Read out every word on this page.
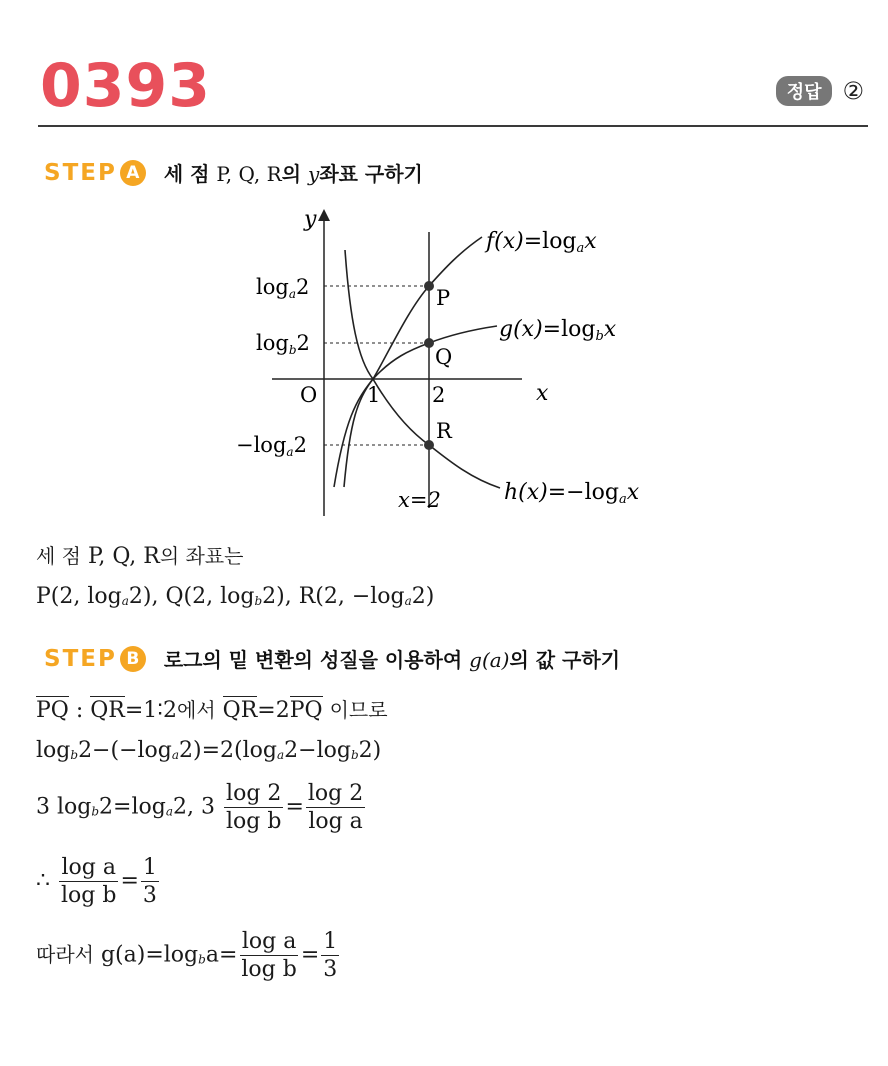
0393	정답 ②
STEP A	세 점 P, Q, R의 y좌표 구하기
y
x
O 1 2
f(x)=logax
g(x)=logbx
h(x)=−logax
loga2
logb2
−loga2
P
Q
R
x=2
세 점 P, Q, R의 좌표는
P(2, $\log_a2$), Q(2, $\log_b2$), R(2, $-\log_a2$)
STEP B	로그의 밑 변환의 성질을 이용하여 g(a)의 값 구하기
PQ : QR=1∶2에서 QR=2PQ 이므로
$\log_b2-(-\log_a2)=2(\log_a2-\log_b2)$
3 $\log_b2=\log_a2$, $3 \frac{\log 2}{\text{log b}} = \frac{\log 2}{\text{log a}}$
∴ $\frac{\text{log a}}{\text{log b}} = \frac{1}{3}$
따라서 $g(a)=\log_ba= \frac{\text{log a}}{\text{log b}} = \frac{1}{3}$
